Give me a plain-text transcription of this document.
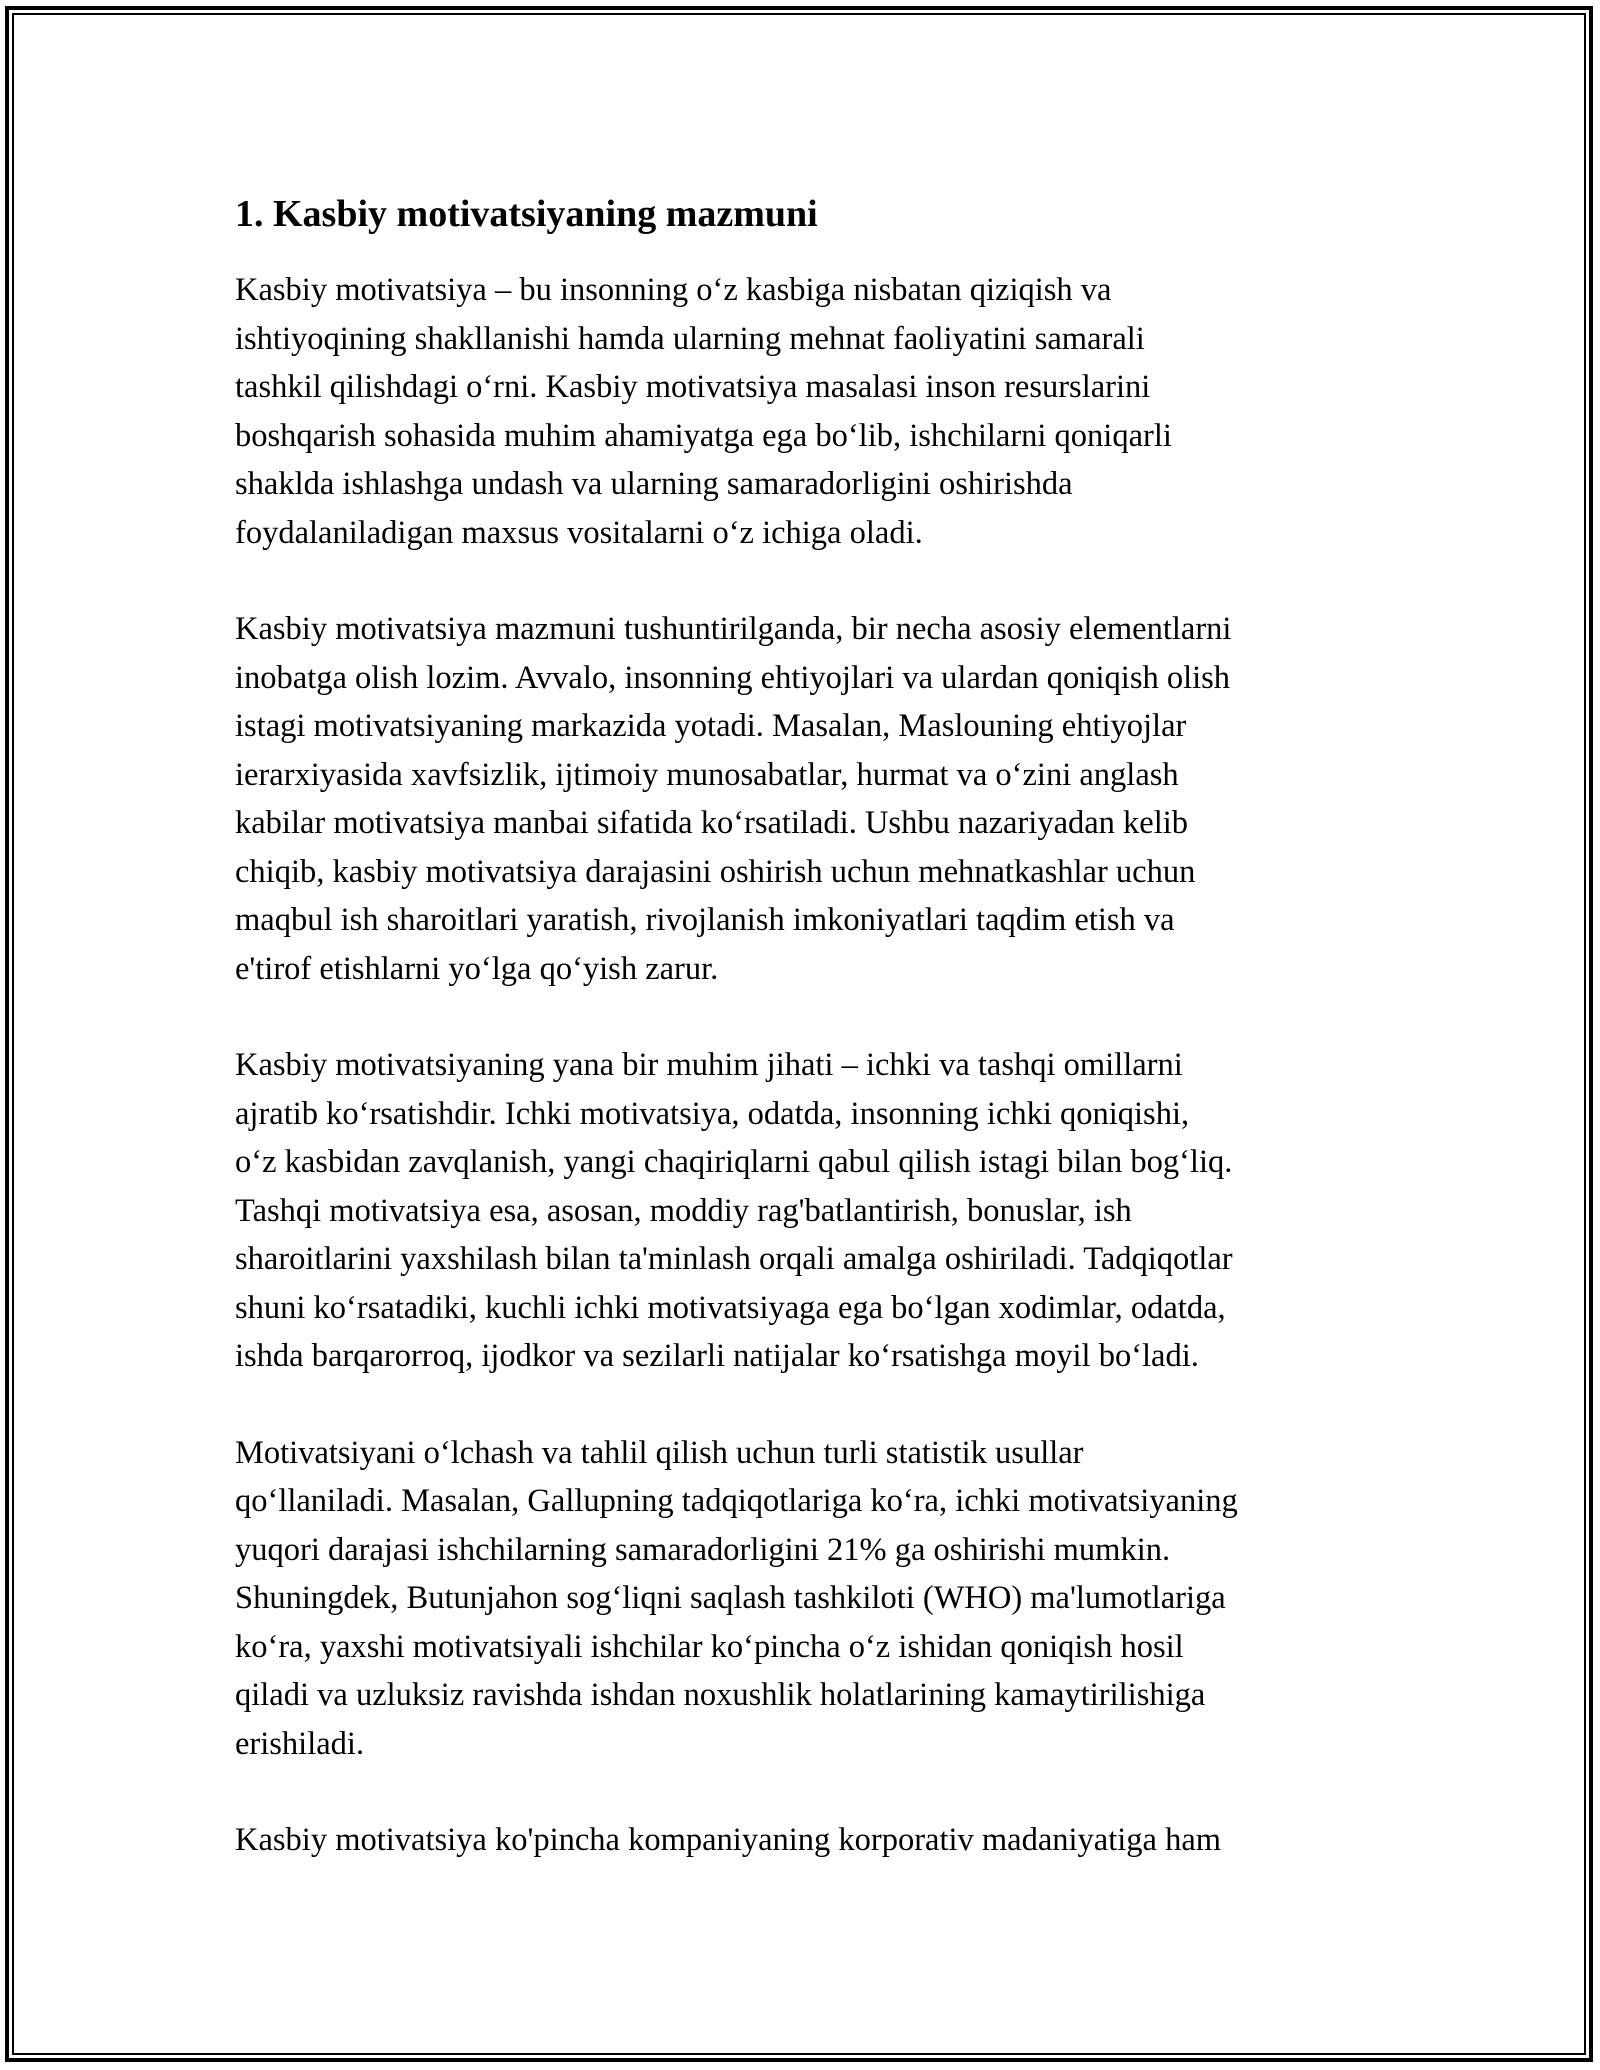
1. Kasbiy motivatsiyaning mazmuni
Kasbiy motivatsiya – bu insonning o‘z kasbiga nisbatan qiziqish va
ishtiyoqining shakllanishi hamda ularning mehnat faoliyatini samarali
tashkil qilishdagi o‘rni. Kasbiy motivatsiya masalasi inson resurslarini
boshqarish sohasida muhim ahamiyatga ega bo‘lib, ishchilarni qoniqarli
shaklda ishlashga undash va ularning samaradorligini oshirishda
foydalaniladigan maxsus vositalarni o‘z ichiga oladi.
Kasbiy motivatsiya mazmuni tushuntirilganda, bir necha asosiy elementlarni
inobatga olish lozim. Avvalo, insonning ehtiyojlari va ulardan qoniqish olish
istagi motivatsiyaning markazida yotadi. Masalan, Maslouning ehtiyojlar
ierarxiyasida xavfsizlik, ijtimoiy munosabatlar, hurmat va o‘zini anglash
kabilar motivatsiya manbai sifatida ko‘rsatiladi. Ushbu nazariyadan kelib
chiqib, kasbiy motivatsiya darajasini oshirish uchun mehnatkashlar uchun
maqbul ish sharoitlari yaratish, rivojlanish imkoniyatlari taqdim etish va
e'tirof etishlarni yo‘lga qo‘yish zarur.
Kasbiy motivatsiyaning yana bir muhim jihati – ichki va tashqi omillarni
ajratib ko‘rsatishdir. Ichki motivatsiya, odatda, insonning ichki qoniqishi,
o‘z kasbidan zavqlanish, yangi chaqiriqlarni qabul qilish istagi bilan bog‘liq.
Tashqi motivatsiya esa, asosan, moddiy rag'batlantirish, bonuslar, ish
sharoitlarini yaxshilash bilan ta'minlash orqali amalga oshiriladi. Tadqiqotlar
shuni ko‘rsatadiki, kuchli ichki motivatsiyaga ega bo‘lgan xodimlar, odatda,
ishda barqarorroq, ijodkor va sezilarli natijalar ko‘rsatishga moyil bo‘ladi.
Motivatsiyani o‘lchash va tahlil qilish uchun turli statistik usullar
qo‘llaniladi. Masalan, Gallupning tadqiqotlariga ko‘ra, ichki motivatsiyaning
yuqori darajasi ishchilarning samaradorligini 21% ga oshirishi mumkin.
Shuningdek, Butunjahon sog‘liqni saqlash tashkiloti (WHO) ma'lumotlariga
ko‘ra, yaxshi motivatsiyali ishchilar ko‘pincha o‘z ishidan qoniqish hosil
qiladi va uzluksiz ravishda ishdan noxushlik holatlarining kamaytirilishiga
erishiladi.
Kasbiy motivatsiya ko'pincha kompaniyaning korporativ madaniyatiga ham
